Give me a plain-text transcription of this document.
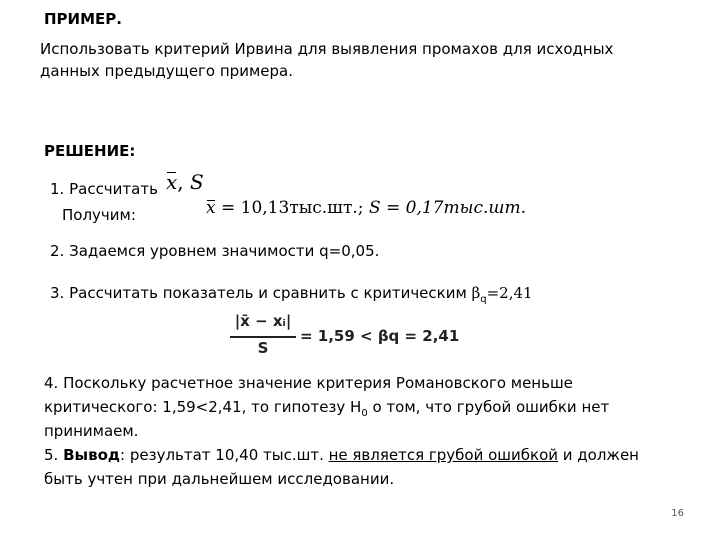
ПРИМЕР.
Использовать критерий Ирвина для выявления промахов для исходных
данных предыдущего примера.
РЕШЕНИЕ:
1. Рассчитать x, S
Получим:	x = 10,13тыс.шт.; S = 0,17тыс.шт.
2. Задаемся уровнем значимости q=0,05.
3. Рассчитать показатель и сравнить с критическим $\beta_q=2,41$
|x̄ − xᵢ|
S
= 1,59 < βq = 2,41
4. Поскольку расчетное значение критерия Романовского меньше
критического: 1,59<2,41, то гипотезу $H_0$ о том, что грубой ошибки нет
принимаем.
5. Вывод: результат 10,40 тыс.шт. не является грубой ошибкой и должен
быть учтен при дальнейшем исследовании.
16
